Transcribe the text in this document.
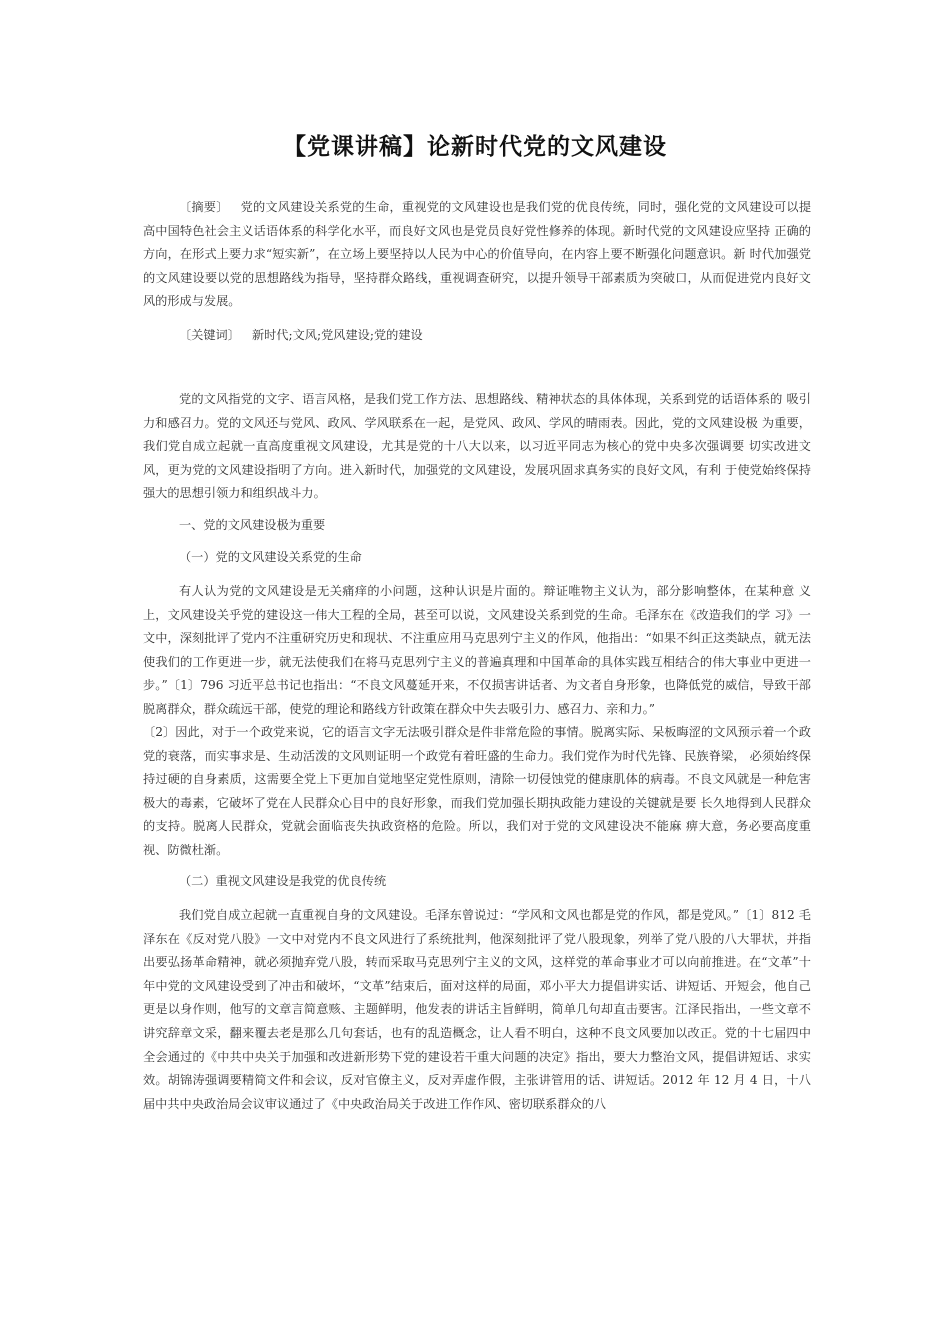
【党课讲稿】论新时代党的文风建设
〔摘要〕 党的文风建设关系党的生命，重视党的文风建设也是我们党的优良传统，同时，强化党的文风建设可以提高中国特色社会主义话语体系的科学化水平，而良好文风也是党员良好党性修养的体现。新时代党的文风建设应坚持 正确的方向，在形式上要力求“短实新”，在立场上要坚持以人民为中心的价值导向，在内容上要不断强化问题意识。新 时代加强党的文风建设要以党的思想路线为指导，坚持群众路线，重视调查研究，以提升领导干部素质为突破口，从而促进党内良好文风的形成与发展。
〔关键词〕 新时代;文风;党风建设;党的建设
党的文风指党的文字、语言风格，是我们党工作方法、思想路线、精神状态的具体体现，关系到党的话语体系的 吸引力和感召力。党的文风还与党风、政风、学风联系在一起，是党风、政风、学风的晴雨表。因此，党的文风建设极 为重要，我们党自成立起就一直高度重视文风建设，尤其是党的十八大以来，以习近平同志为核心的党中央多次强调要 切实改进文风，更为党的文风建设指明了方向。进入新时代，加强党的文风建设，发展巩固求真务实的良好文风，有利 于使党始终保持强大的思想引领力和组织战斗力。
一、党的文风建设极为重要
（一）党的文风建设关系党的生命
有人认为党的文风建设是无关痛痒的小问题，这种认识是片面的。辩证唯物主义认为，部分影响整体，在某种意 义上，文风建设关乎党的建设这一伟大工程的全局，甚至可以说，文风建设关系到党的生命。毛泽东在《改造我们的学 习》一文中，深刻批评了党内不注重研究历史和现状、不注重应用马克思列宁主义的作风，他指出：“如果不纠正这类缺点，就无法使我们的工作更进一步，就无法使我们在将马克思列宁主义的普遍真理和中国革命的具体实践互相结合的伟大事业中更进一步。”〔1〕796 习近平总书记也指出：“不良文风蔓延开来，不仅损害讲话者、为文者自身形象，也降低党的威信，导致干部脱离群众，群众疏远干部，使党的理论和路线方针政策在群众中失去吸引力、感召力、亲和力。”
〔2〕因此，对于一个政党来说，它的语言文字无法吸引群众是件非常危险的事情。脱离实际、呆板晦涩的文风预示着一个政党的衰落，而实事求是、生动活泼的文风则证明一个政党有着旺盛的生命力。我们党作为时代先锋、民族脊梁， 必须始终保持过硬的自身素质，这需要全党上下更加自觉地坚定党性原则，清除一切侵蚀党的健康肌体的病毒。不良文风就是一种危害极大的毒素，它破坏了党在人民群众心目中的良好形象，而我们党加强长期执政能力建设的关键就是要 长久地得到人民群众的支持。脱离人民群众，党就会面临丧失执政资格的危险。所以，我们对于党的文风建设决不能麻 痹大意，务必要高度重视、防微杜渐。
（二）重视文风建设是我党的优良传统
我们党自成立起就一直重视自身的文风建设。毛泽东曾说过：“学风和文风也都是党的作风，都是党风。”〔1〕812 毛泽东在《反对党八股》一文中对党内不良文风进行了系统批判，他深刻批评了党八股现象，列举了党八股的八大罪状，并指出要弘扬革命精神，就必须抛弃党八股，转而采取马克思列宁主义的文风，这样党的革命事业才可以向前推进。在“文革”十年中党的文风建设受到了冲击和破坏，“文革”结束后，面对这样的局面，邓小平大力提倡讲实话、讲短话、开短会，他自己更是以身作则，他写的文章言简意赅、主题鲜明，他发表的讲话主旨鲜明，简单几句却直击要害。江泽民指出，一些文章不讲究辞章文采，翻来覆去老是那么几句套话，也有的乱造概念，让人看不明白，这种不良文风要加以改正。党的十七届四中全会通过的《中共中央关于加强和改进新形势下党的建设若干重大问题的决定》指出，要大力整治文风，提倡讲短话、求实效。胡锦涛强调要精简文件和会议，反对官僚主义，反对弄虚作假，主张讲管用的话、讲短话。2012 年 12 月 4 日，十八届中共中央政治局会议审议通过了《中央政治局关于改进工作作风、密切联系群众的八
